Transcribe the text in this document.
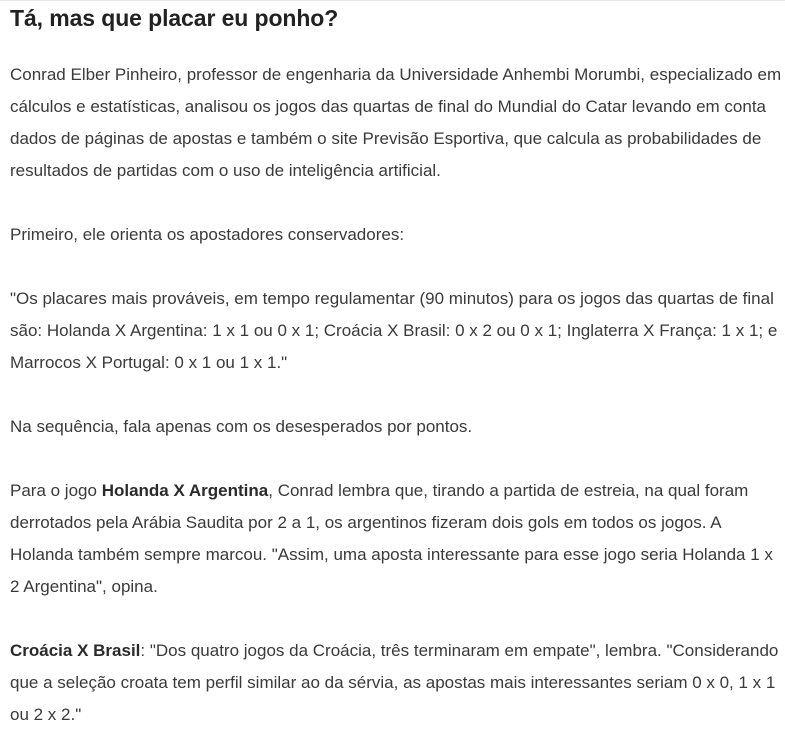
Tá, mas que placar eu ponho?

Conrad Elber Pinheiro, professor de engenharia da Universidade Anhembi Morumbi, especializado em cálculos e estatísticas, analisou os jogos das quartas de final do Mundial do Catar levando em conta dados de páginas de apostas e também o site Previsão Esportiva, que calcula as probabilidades de resultados de partidas com o uso de inteligência artificial.

Primeiro, ele orienta os apostadores conservadores:

"Os placares mais prováveis, em tempo regulamentar (90 minutos) para os jogos das quartas de final são: Holanda X Argentina: 1 x 1 ou 0 x 1; Croácia X Brasil: 0 x 2 ou 0 x 1; Inglaterra X França: 1 x 1; e Marrocos X Portugal: 0 x 1 ou 1 x 1."

Na sequência, fala apenas com os desesperados por pontos.

Para o jogo Holanda X Argentina, Conrad lembra que, tirando a partida de estreia, na qual foram derrotados pela Arábia Saudita por 2 a 1, os argentinos fizeram dois gols em todos os jogos. A Holanda também sempre marcou. "Assim, uma aposta interessante para esse jogo seria Holanda 1 x 2 Argentina", opina.

Croácia X Brasil: "Dos quatro jogos da Croácia, três terminaram em empate", lembra. "Considerando que a seleção croata tem perfil similar ao da sérvia, as apostas mais interessantes seriam 0 x 0, 1 x 1 ou 2 x 2."
